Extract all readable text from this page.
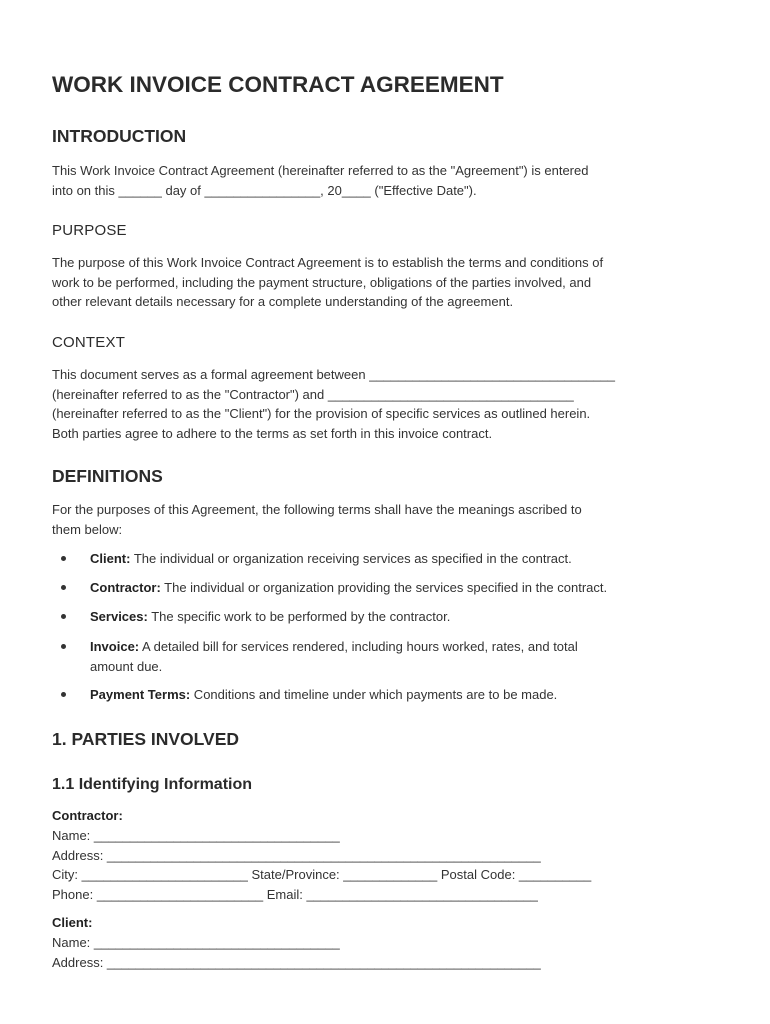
WORK INVOICE CONTRACT AGREEMENT
INTRODUCTION
This Work Invoice Contract Agreement (hereinafter referred to as the "Agreement") is entered
into on this ______ day of ________________, 20____ ("Effective Date").
PURPOSE
The purpose of this Work Invoice Contract Agreement is to establish the terms and conditions of
work to be performed, including the payment structure, obligations of the parties involved, and
other relevant details necessary for a complete understanding of the agreement.
CONTEXT
This document serves as a formal agreement between __________________________________
(hereinafter referred to as the "Contractor") and __________________________________
(hereinafter referred to as the "Client") for the provision of specific services as outlined herein.
Both parties agree to adhere to the terms as set forth in this invoice contract.
DEFINITIONS
For the purposes of this Agreement, the following terms shall have the meanings ascribed to
them below:
Client: The individual or organization receiving services as specified in the contract.
Contractor: The individual or organization providing the services specified in the contract.
Services: The specific work to be performed by the contractor.
Invoice: A detailed bill for services rendered, including hours worked, rates, and total
amount due.
Payment Terms: Conditions and timeline under which payments are to be made.
1. PARTIES INVOLVED
1.1 Identifying Information
Contractor:
Name: __________________________________
Address: ____________________________________________________________
City: _______________________ State/Province: _____________ Postal Code: __________
Phone: _______________________ Email: ________________________________
Client:
Name: __________________________________
Address: ____________________________________________________________
